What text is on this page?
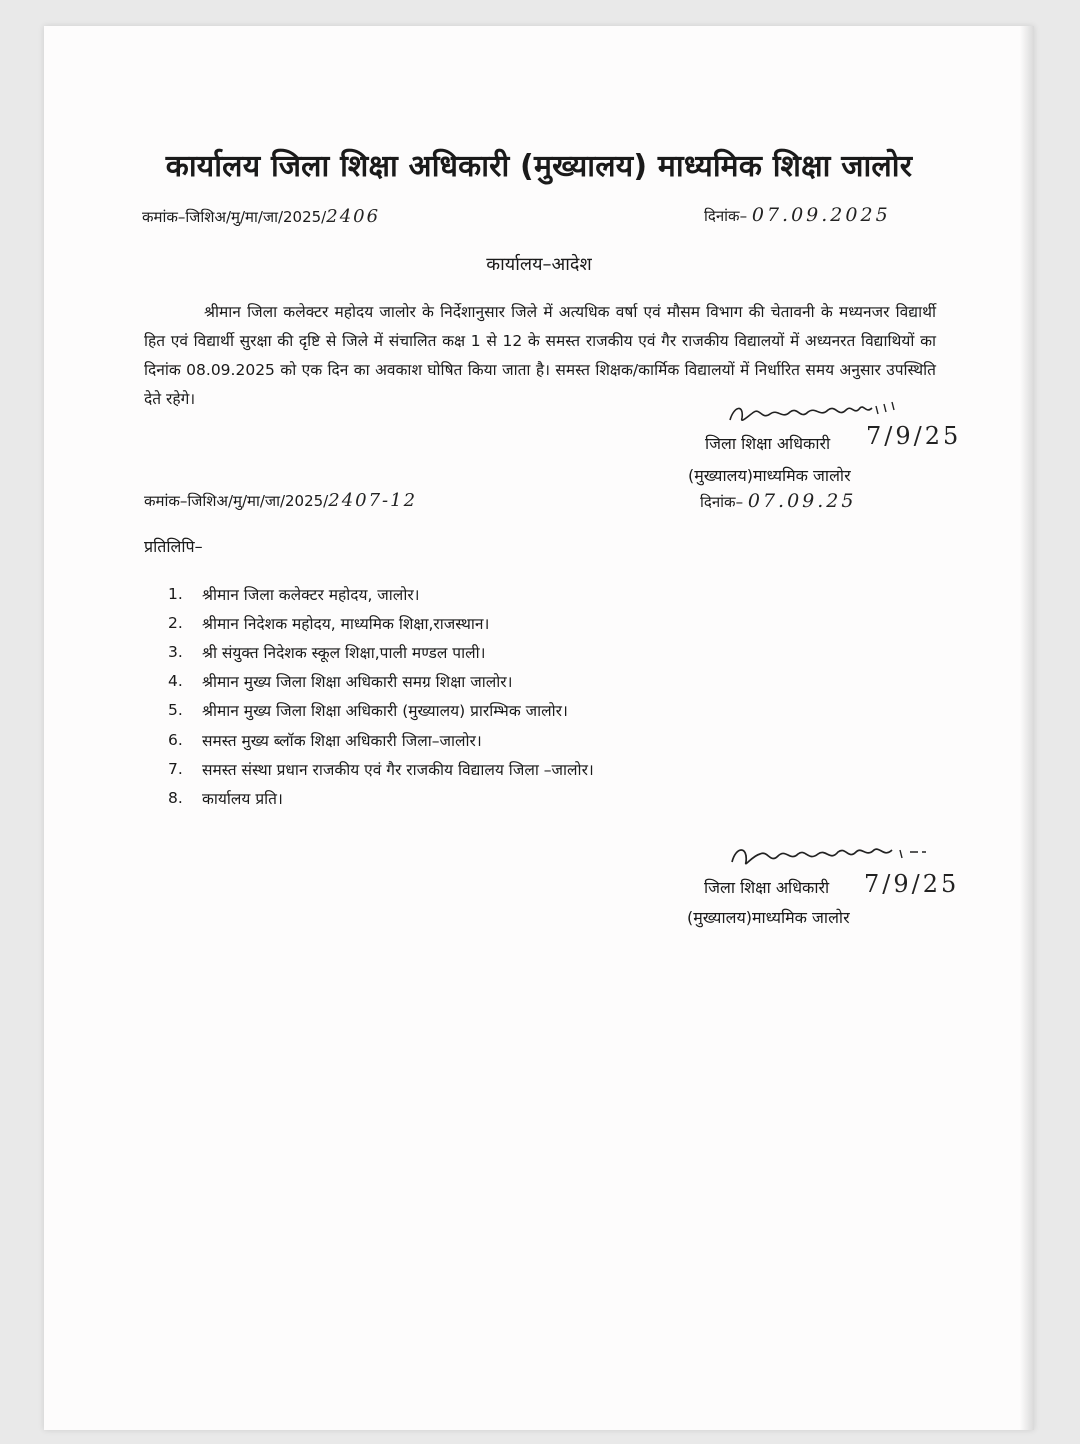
कार्यालय जिला शिक्षा अधिकारी (मुख्यालय) माध्यमिक शिक्षा जालोर
कमांक–जिशिअ/मु/मा/जा/2025/2406	दिनांक– 07.09.2025
कार्यालय–आदेश
श्रीमान जिला कलेक्टर महोदय जालोर के निर्देशानुसार जिले में अत्यधिक वर्षा एवं मौसम विभाग की चेतावनी के मध्यनजर विद्यार्थी हित एवं विद्यार्थी सुरक्षा की दृष्टि से जिले में संचालित कक्ष 1 से 12 के समस्त राजकीय एवं गैर राजकीय विद्यालयों में अध्यनरत विद्याथियों का दिनांक 08.09.2025 को एक दिन का अवकाश घोषित किया जाता है। समस्त शिक्षक/कार्मिक विद्यालयों में निर्धारित समय अनुसार उपस्थिति देते रहेगे।
जिला शिक्षा अधिकारी 7/9/25
(मुख्यालय)माध्यमिक जालोर
दिनांक– 07.09.25
कमांक–जिशिअ/मु/मा/जा/2025/2407-12
प्रतिलिपि–
1.	श्रीमान जिला कलेक्टर महोदय, जालोर।
2.	श्रीमान निदेशक महोदय, माध्यमिक शिक्षा,राजस्थान।
3.	श्री संयुक्त निदेशक स्कूल शिक्षा,पाली मण्डल पाली।
4.	श्रीमान मुख्य जिला शिक्षा अधिकारी समग्र शिक्षा जालोर।
5.	श्रीमान मुख्य जिला शिक्षा अधिकारी (मुख्यालय) प्रारम्भिक जालोर।
6.	समस्त मुख्य ब्लॉक शिक्षा अधिकारी जिला–जालोर।
7.	समस्त संस्था प्रधान राजकीय एवं गैर राजकीय विद्यालय जिला –जालोर।
8.	कार्यालय प्रति।
जिला शिक्षा अधिकारी 7/9/25
(मुख्यालय)माध्यमिक जालोर
